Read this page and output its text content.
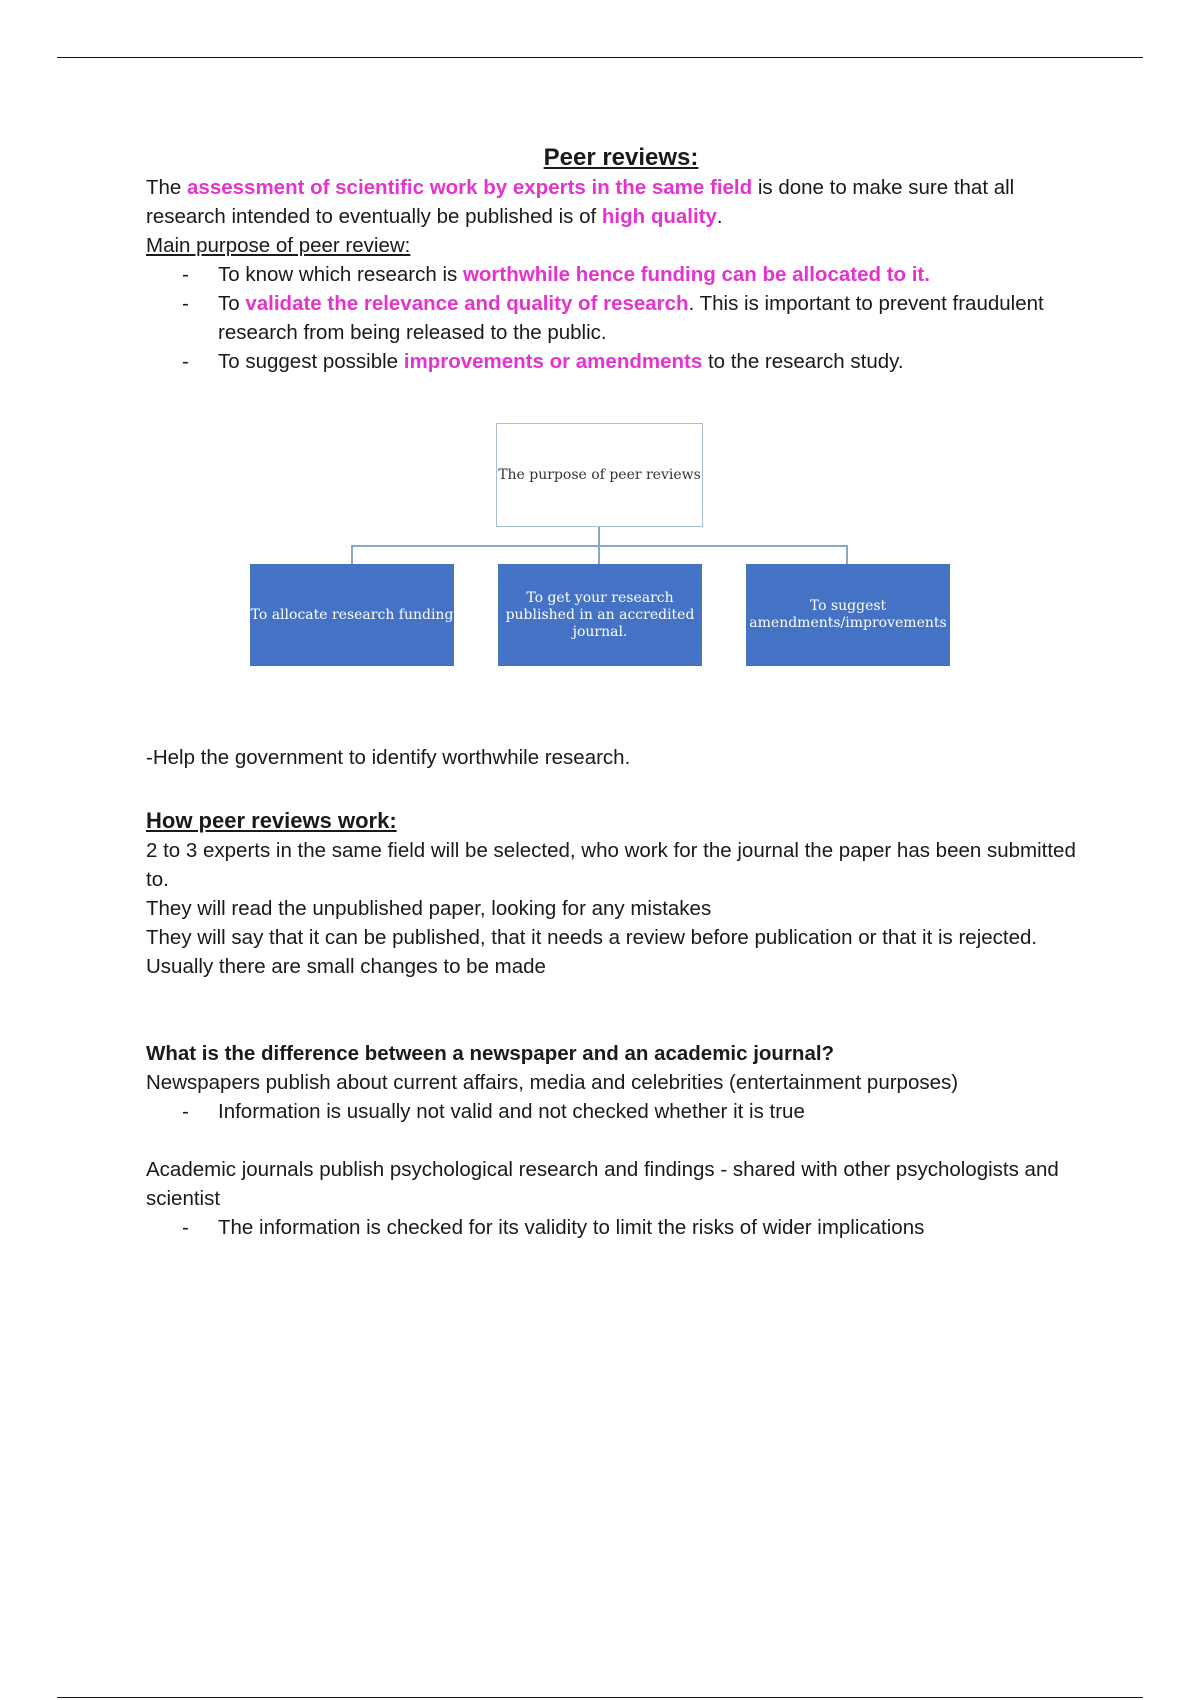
Peer reviews:

The assessment of scientific work by experts in the same field is done to make sure that all research intended to eventually be published is of high quality.

Main purpose of peer review:
- To know which research is worthwhile hence funding can be allocated to it.
- To validate the relevance and quality of research. This is important to prevent fraudulent research from being released to the public.
- To suggest possible improvements or amendments to the research study.
The purpose of peer reviews
To allocate research funding
To get your research published in an accredited journal.
To suggest amendments/improvements
-Help the government to identify worthwhile research.
How peer reviews work:

2 to 3 experts in the same field will be selected, who work for the journal the paper has been submitted to.

They will read the unpublished paper, looking for any mistakes

They will say that it can be published, that it needs a review before publication or that it is rejected.

Usually there are small changes to be made

What is the difference between a newspaper and an academic journal?

Newspapers publish about current affairs, media and celebrities (entertainment purposes)

- Information is usually not valid and not checked whether it is true

Academic journals publish psychological research and findings - shared with other psychologists and scientist

- The information is checked for its validity to limit the risks of wider implications
